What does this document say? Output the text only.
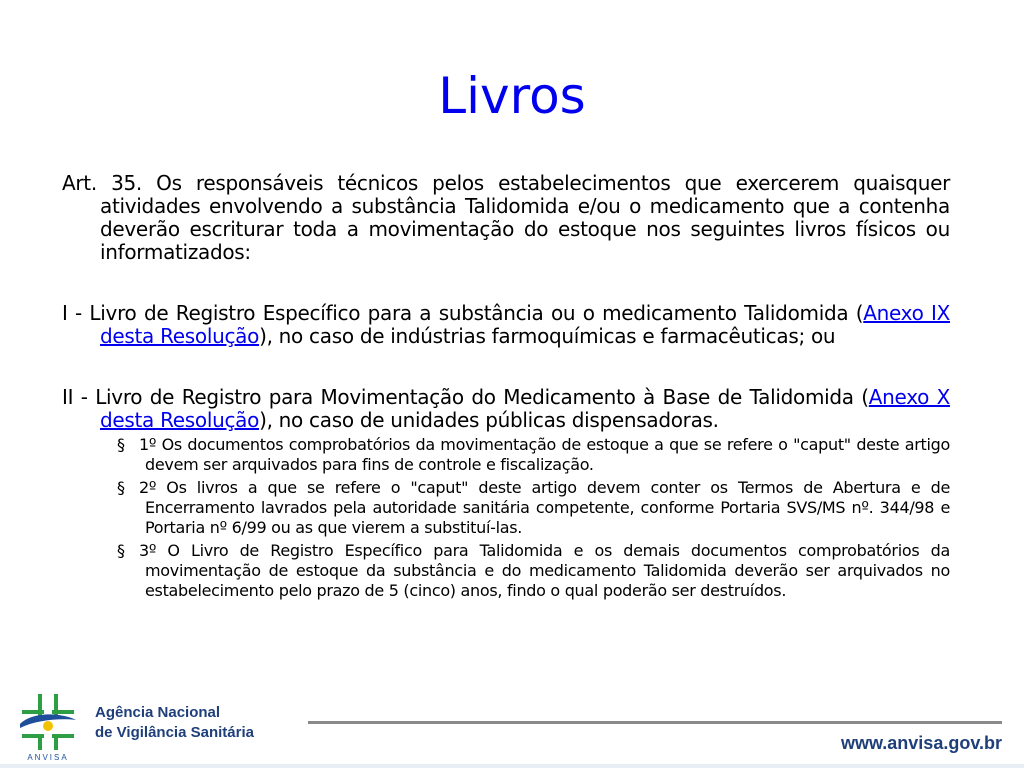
Livros

Art. 35. Os responsáveis técnicos pelos estabelecimentos que exercerem quaisquer atividades envolvendo a substância Talidomida e/ou o medicamento que a contenha deverão escriturar toda a movimentação do estoque nos seguintes livros físicos ou informatizados:

I - Livro de Registro Específico para a substância ou o medicamento Talidomida (Anexo IX desta Resolução), no caso de indústrias farmoquímicas e farmacêuticas; ou

II - Livro de Registro para Movimentação do Medicamento à Base de Talidomida (Anexo X desta Resolução), no caso de unidades públicas dispensadoras.

§ 1º Os documentos comprobatórios da movimentação de estoque a que se refere o "caput" deste artigo devem ser arquivados para fins de controle e fiscalização.

§ 2º Os livros a que se refere o "caput" deste artigo devem conter os Termos de Abertura e de Encerramento lavrados pela autoridade sanitária competente, conforme Portaria SVS/MS nº. 344/98 e Portaria nº 6/99 ou as que vierem a substituí-las.

§ 3º O Livro de Registro Específico para Talidomida e os demais documentos comprobatórios da movimentação de estoque da substância e do medicamento Talidomida deverão ser arquivados no estabelecimento pelo prazo de 5 (cinco) anos, findo o qual poderão ser destruídos.

ANVISA
Agência Nacional
de Vigilância Sanitária
www.anvisa.gov.br
